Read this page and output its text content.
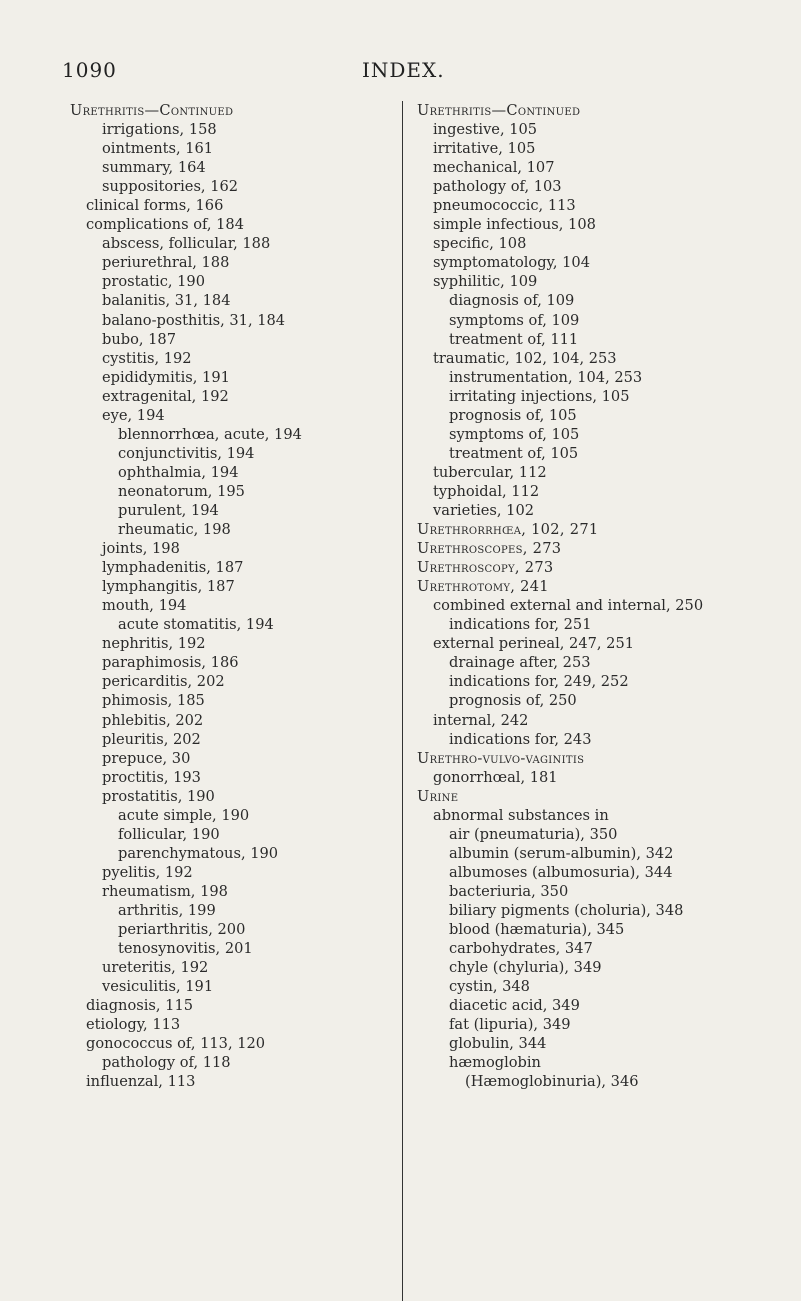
1090	INDEX.
Urethritis—Continued
irrigations, 158
ointments, 161
summary, 164
suppositories, 162
clinical forms, 166
complications of, 184
abscess, follicular, 188
periurethral, 188
prostatic, 190
balanitis, 31, 184
balano-posthitis, 31, 184
bubo, 187
cystitis, 192
epididymitis, 191
extragenital, 192
eye, 194
blennorrhœa, acute, 194
conjunctivitis, 194
ophthalmia, 194
neonatorum, 195
purulent, 194
rheumatic, 198
joints, 198
lymphadenitis, 187
lymphangitis, 187
mouth, 194
acute stomatitis, 194
nephritis, 192
paraphimosis, 186
pericarditis, 202
phimosis, 185
phlebitis, 202
pleuritis, 202
prepuce, 30
proctitis, 193
prostatitis, 190
acute simple, 190
follicular, 190
parenchymatous, 190
pyelitis, 192
rheumatism, 198
arthritis, 199
periarthritis, 200
tenosynovitis, 201
ureteritis, 192
vesiculitis, 191
diagnosis, 115
etiology, 113
gonococcus of, 113, 120
pathology of, 118
influenzal, 113
Urethritis—Continued
ingestive, 105
irritative, 105
mechanical, 107
pathology of, 103
pneumococcic, 113
simple infectious, 108
specific, 108
symptomatology, 104
syphilitic, 109
diagnosis of, 109
symptoms of, 109
treatment of, 111
traumatic, 102, 104, 253
instrumentation, 104, 253
irritating injections, 105
prognosis of, 105
symptoms of, 105
treatment of, 105
tubercular, 112
typhoidal, 112
varieties, 102
Urethrorrhœa, 102, 271
Urethroscopes, 273
Urethroscopy, 273
Urethrotomy, 241
combined external and internal, 250
indications for, 251
external perineal, 247, 251
drainage after, 253
indications for, 249, 252
prognosis of, 250
internal, 242
indications for, 243
Urethro-vulvo-vaginitis
gonorrhœal, 181
Urine
abnormal substances in
air (pneumaturia), 350
albumin (serum-albumin), 342
albumoses (albumosuria), 344
bacteriuria, 350
biliary pigments (choluria), 348
blood (hæmaturia), 345
carbohydrates, 347
chyle (chyluria), 349
cystin, 348
diacetic acid, 349
fat (lipuria), 349
globulin, 344
hæmoglobin
(Hæmoglobinuria), 346
